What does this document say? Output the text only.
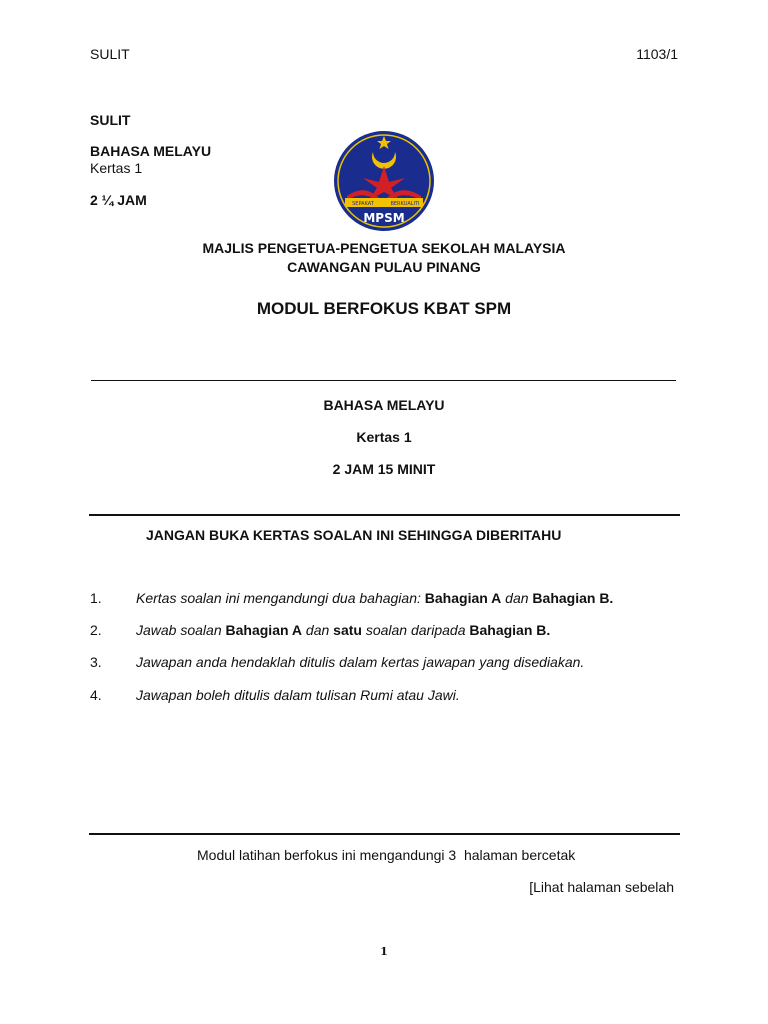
SULIT	1103/1
SULIT
BAHASA MELAYU
Kertas 1
2 ¼ JAM	SEPAKAT	BERKUALITI
MPSM
MAJLIS PENGETUA-PENGETUA SEKOLAH MALAYSIA
CAWANGAN PULAU PINANG
MODUL BERFOKUS KBAT SPM
BAHASA MELAYU
Kertas 1
2 JAM 15 MINIT
JANGAN BUKA KERTAS SOALAN INI SEHINGGA DIBERITAHU
1. Kertas soalan ini mengandungi dua bahagian: Bahagian A dan Bahagian B.
2. Jawab soalan Bahagian A dan satu soalan daripada Bahagian B.
3. Jawapan anda hendaklah ditulis dalam kertas jawapan yang disediakan.
4. Jawapan boleh ditulis dalam tulisan Rumi atau Jawi.
Modul latihan berfokus ini mengandungi 3  halaman bercetak
[Lihat halaman sebelah
1
